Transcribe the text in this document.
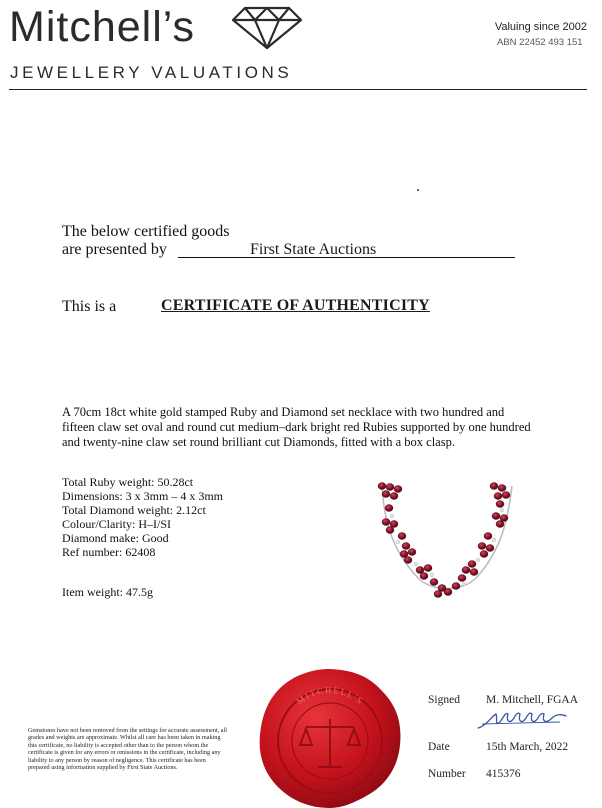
Mitchell’s
JEWELLERY VALUATIONS
Valuing since 2002
ABN 22452 493 151
The below certified goods
are presented by	First State Auctions
This is a	CERTIFICATE OF AUTHENTICITY
A 70cm 18ct white gold stamped Ruby and Diamond set necklace with two hundred and fifteen claw set oval and round cut medium–dark bright red Rubies supported by one hundred and twenty-nine claw set round brilliant cut Diamonds, fitted with a box clasp.
Total Ruby weight: 50.28ct
Dimensions: 3 x 3mm – 4 x 3mm
Total Diamond weight: 2.12ct
Colour/Clarity: H–I/SI
Diamond make: Good
Ref number: 62408
Item weight: 47.5g
MITCHELL'S
Gemstones have not been removed from the settings for accurate assessment, all grades and weights are approximate. Whilst all care has been taken in making this certificate, no liability is accepted other than to the person whom the certificate is given for any errors or omissions in the certificate, including any liability to any person by reason of negligence. This certificate has been prepared using information supplied by First State Auctions.
Signed M. Mitchell, FGAA
Date	15th March, 2022
Number 415376
